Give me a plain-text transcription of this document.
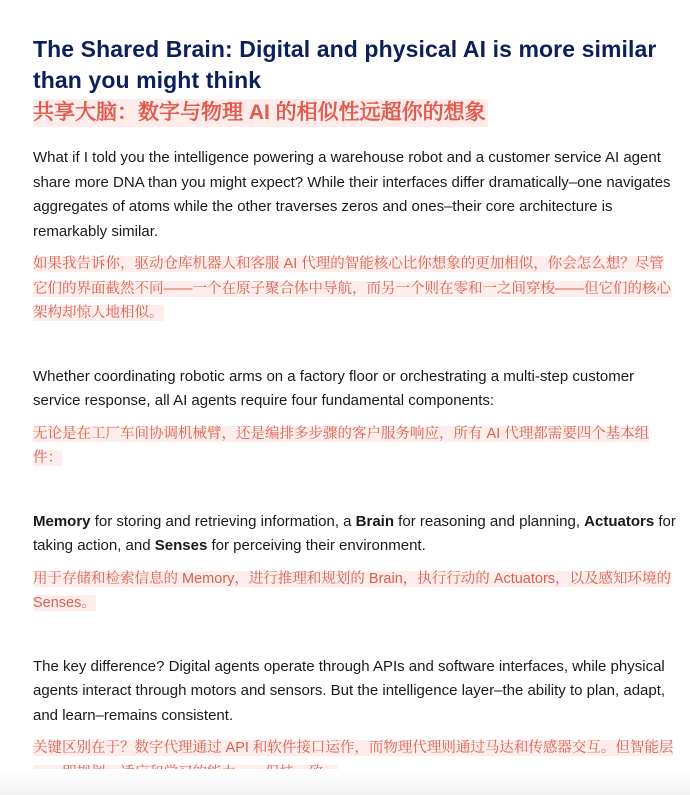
The Shared Brain: Digital and physical AI is more similar than you might think
共享大脑：数字与物理 AI 的相似性远超你的想象

What if I told you the intelligence powering a warehouse robot and a customer service AI agent share more DNA than you might expect? While their interfaces differ dramatically–one navigates aggregates of atoms while the other traverses zeros and ones–their core architecture is remarkably similar.

如果我告诉你，驱动仓库机器人和客服 AI 代理的智能核心比你想象的更加相似，你会怎么想？尽管它们的界面截然不同——一个在原子聚合体中导航，而另一个则在零和一之间穿梭——但它们的核心架构却惊人地相似。

Whether coordinating robotic arms on a factory floor or orchestrating a multi-step customer service response, all AI agents require four fundamental components:

无论是在工厂车间协调机械臂，还是编排多步骤的客户服务响应，所有 AI 代理都需要四个基本组件：

Memory for storing and retrieving information, a Brain for reasoning and planning, Actuators for taking action, and Senses for perceiving their environment.

用于存储和检索信息的 Memory，进行推理和规划的 Brain，执行行动的 Actuators，以及感知环境的 Senses。

The key difference? Digital agents operate through APIs and software interfaces, while physical agents interact through motors and sensors. But the intelligence layer–the ability to plan, adapt, and learn–remains consistent.

关键区别在于？数字代理通过 API 和软件接口运作，而物理代理则通过马达和传感器交互。但智能层
